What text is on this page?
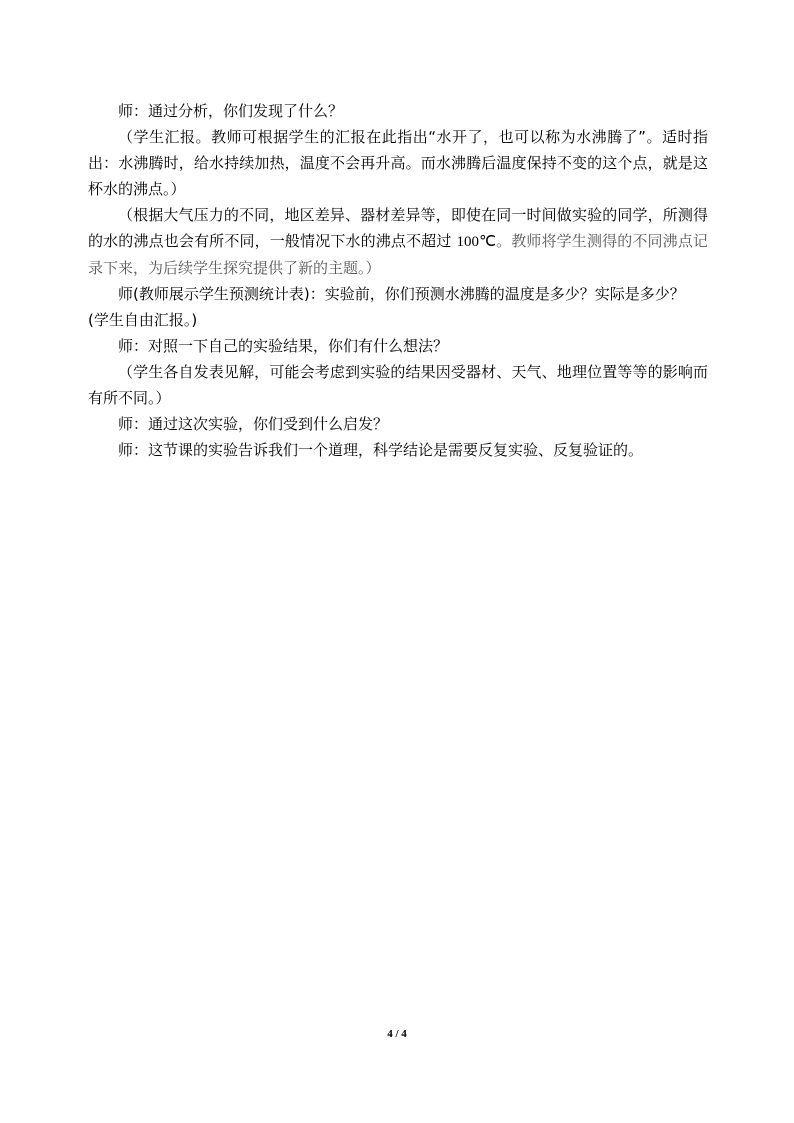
师：通过分析，你们发现了什么？

（学生汇报。教师可根据学生的汇报在此指出“水开了，也可以称为水沸腾了”。适时指出：水沸腾时，给水持续加热，温度不会再升高。而水沸腾后温度保持不变的这个点，就是这杯水的沸点。）

（根据大气压力的不同，地区差异、器材差异等，即使在同一时间做实验的同学，所测得的水的沸点也会有所不同，一般情况下水的沸点不超过 100℃。教师将学生测得的不同沸点记录下来，为后续学生探究提供了新的主题。）

师(教师展示学生预测统计表)：实验前，你们预测水沸腾的温度是多少？实际是多少？

(学生自由汇报。)

师：对照一下自己的实验结果，你们有什么想法？

（学生各自发表见解，可能会考虑到实验的结果因受器材、天气、地理位置等等的影响而有所不同。）

师：通过这次实验，你们受到什么启发？

师：这节课的实验告诉我们一个道理，科学结论是需要反复实验、反复验证的。

4 / 4
